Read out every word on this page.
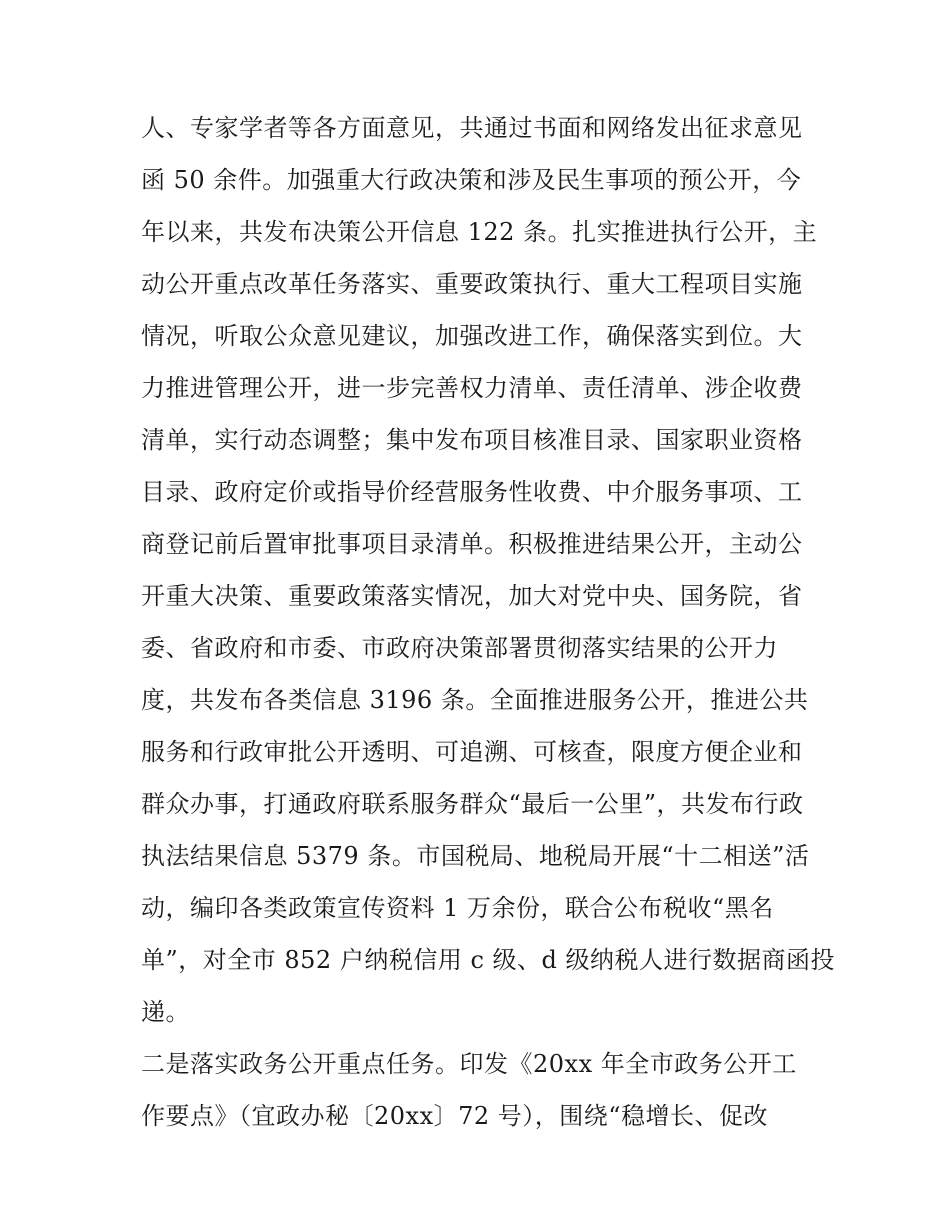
人、专家学者等各方面意见，共通过书面和网络发出征求意见
函 50 余件。加强重大行政决策和涉及民生事项的预公开，今
年以来，共发布决策公开信息 122 条。扎实推进执行公开，主
动公开重点改革任务落实、重要政策执行、重大工程项目实施
情况，听取公众意见建议，加强改进工作，确保落实到位。大
力推进管理公开，进一步完善权力清单、责任清单、涉企收费
清单，实行动态调整；集中发布项目核准目录、国家职业资格
目录、政府定价或指导价经营服务性收费、中介服务事项、工
商登记前后置审批事项目录清单。积极推进结果公开，主动公
开重大决策、重要政策落实情况，加大对党中央、国务院，省
委、省政府和市委、市政府决策部署贯彻落实结果的公开力
度，共发布各类信息 3196 条。全面推进服务公开，推进公共
服务和行政审批公开透明、可追溯、可核查，限度方便企业和
群众办事，打通政府联系服务群众“最后一公里”，共发布行政
执法结果信息 5379 条。市国税局、地税局开展“十二相送”活
动，编印各类政策宣传资料 1 万余份，联合公布税收“黑名
单”，对全市 852 户纳税信用 c 级、d 级纳税人进行数据商函投
递。
二是落实政务公开重点任务。印发《20xx 年全市政务公开工
作要点》（宜政办秘〔20xx〕72 号），围绕“稳增长、促改
